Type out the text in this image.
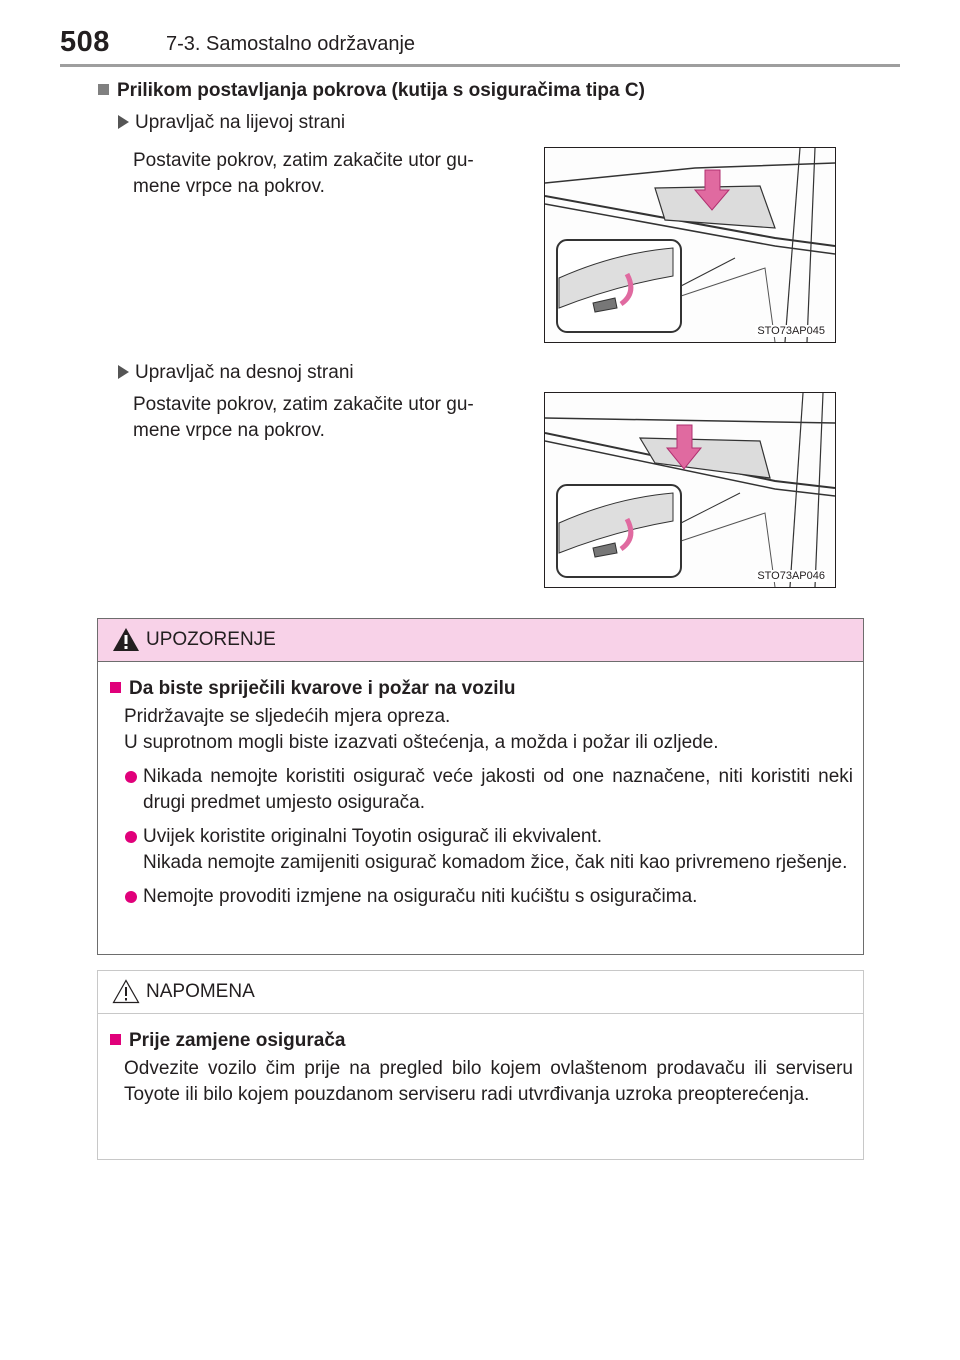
508	7-3. Samostalno održavanje
Prilikom postavljanja pokrova (kutija s osiguračima tipa C)
Upravljač na lijevoj strani
Postavite pokrov, zatim zakačite utor gu-
mene vrpce na pokrov.
STO73AP045
Upravljač na desnoj strani
Postavite pokrov, zatim zakačite utor gu-
mene vrpce na pokrov.
STO73AP046
UPOZORENJE
Da biste spriječili kvarove i požar na vozilu
Pridržavajte se sljedećih mjera opreza.
U suprotnom mogli biste izazvati oštećenja, a možda i požar ili ozljede.
Nikada nemojte koristiti osigurač veće jakosti od one naznačene, niti koristiti neki drugi predmet umjesto osigurača.
Uvijek koristite originalni Toyotin osigurač ili ekvivalent.
Nikada nemojte zamijeniti osigurač komadom žice, čak niti kao privremeno rješenje.
Nemojte provoditi izmjene na osiguraču niti kućištu s osiguračima.
NAPOMENA
Prije zamjene osigurača
Odvezite vozilo čim prije na pregled bilo kojem ovlaštenom prodavaču ili serviseru Toyote ili bilo kojem pouzdanom serviseru radi utvrđivanja uzroka preopterećenja.
